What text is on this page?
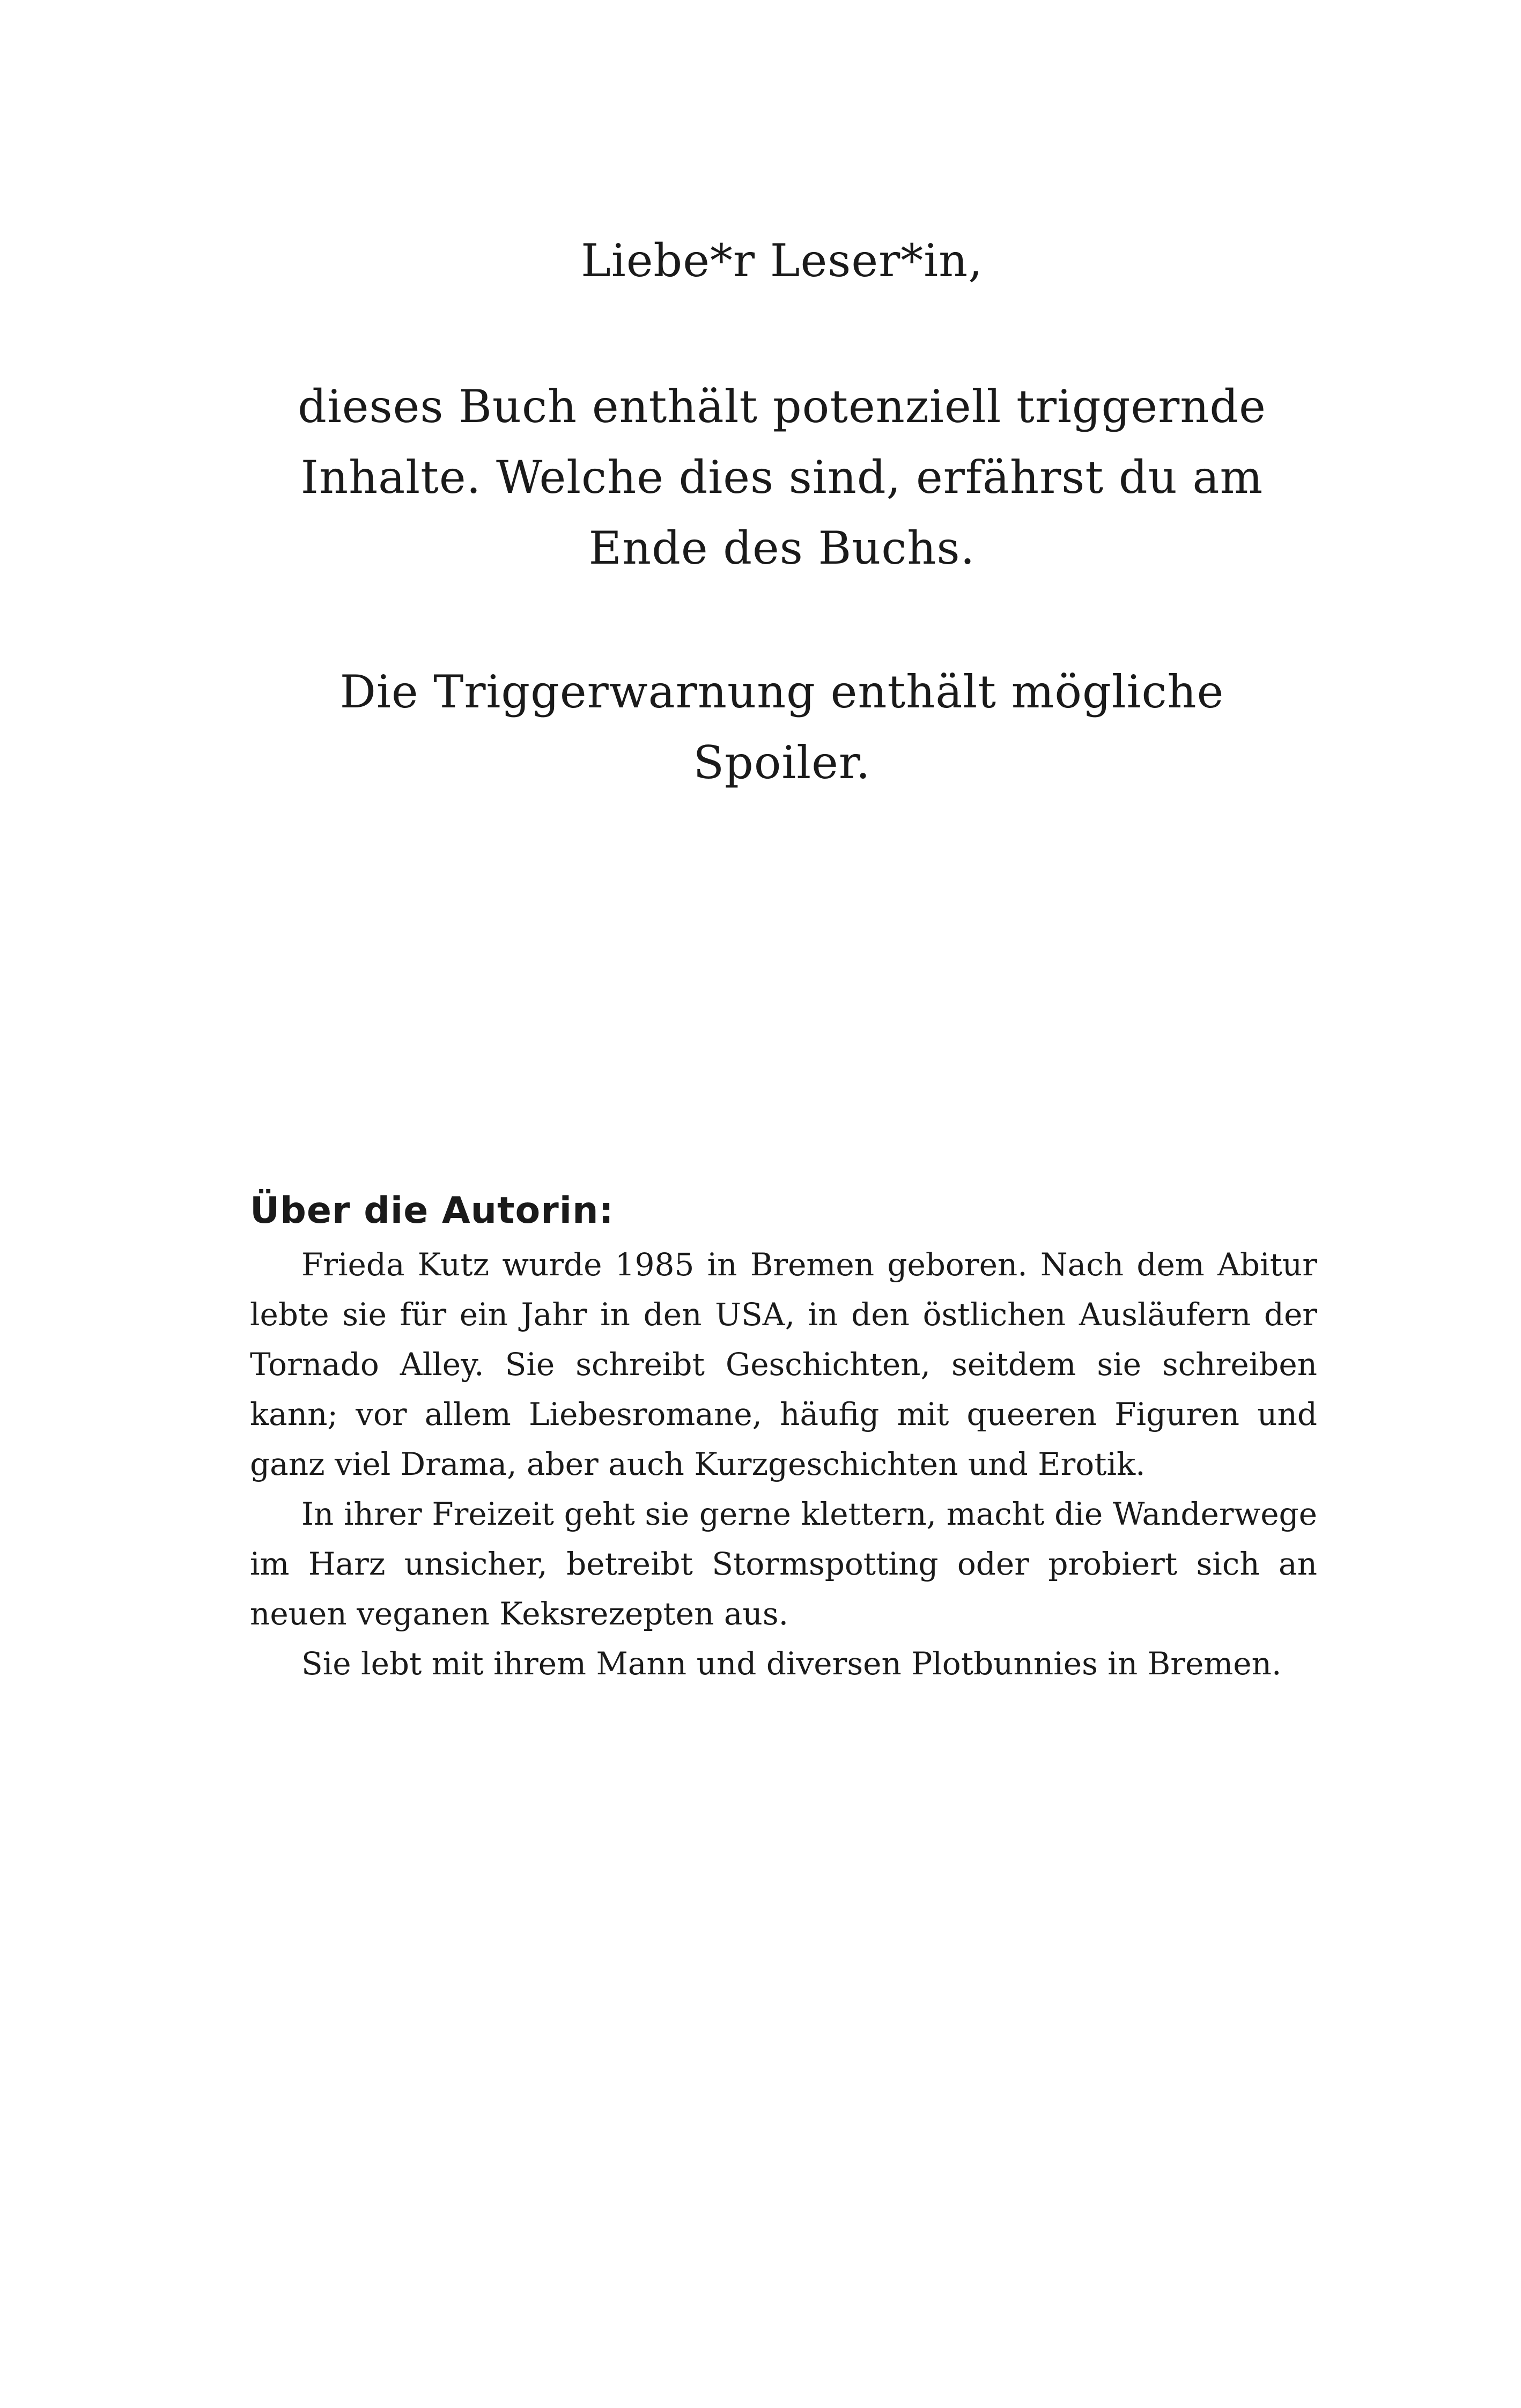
Liebe*r Leser*in,

dieses Buch enthält potenziell triggernde Inhalte. Welche dies sind, erfährst du am Ende des Buchs.

Die Triggerwarnung enthält mögliche Spoiler.

Über die Autorin:

Frieda Kutz wurde 1985 in Bremen geboren. Nach dem Abitur lebte sie für ein Jahr in den USA, in den östlichen Ausläufern der Tornado Alley. Sie schreibt Geschichten, seitdem sie schreiben kann; vor allem Liebesromane, häufig mit queeren Figuren und ganz viel Drama, aber auch Kurzgeschichten und Erotik.

In ihrer Freizeit geht sie gerne klettern, macht die Wanderwege im Harz unsicher, betreibt Stormspotting oder probiert sich an neuen veganen Keksrezepten aus.

Sie lebt mit ihrem Mann und diversen Plotbunnies in Bremen.
